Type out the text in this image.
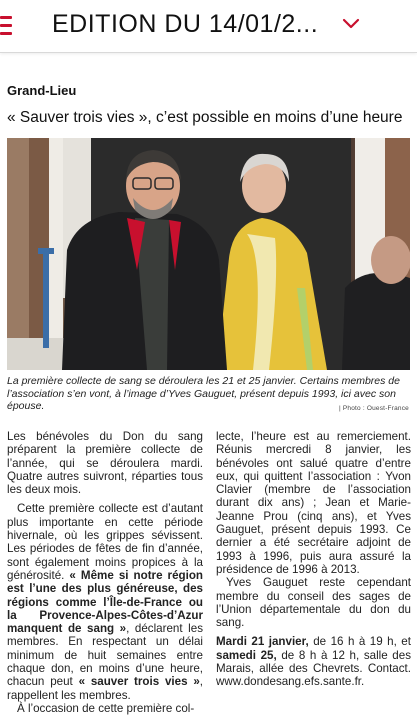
EDITION DU 14/01/2...
Grand-Lieu
« Sauver trois vies », c’est possible en moins d’une heure
La première collecte de sang se déroulera les 21 et 25 janvier. Certains membres de l’association s’en vont, à l’image d’Yves Gauguet, présent depuis 1993, ici avec son épouse.	| Photo : Ouest-France

Les bénévoles du Don du sang préparent la première collecte de l’année, qui se déroulera mardi. Quatre autres suivront, réparties tous les deux mois.

Cette première collecte est d’autant plus importante en cette période hivernale, où les grippes sévissent. Les périodes de fêtes de fin d’année, sont également moins propices à la générosité. « Même si notre région est l’une des plus généreuse, des régions comme l’Île-de-France ou la Provence-Alpes-Côtes-d’Azur manquent de sang », déclarent les membres. En respectant un délai minimum de huit semaines entre chaque don, en moins d’une heure, chacun peut « sauver trois vies », rappellent les membres.

À l’occasion de cette première col-

lecte, l’heure est au remerciement. Réunis mercredi 8 janvier, les bénévoles ont salué quatre d’entre eux, qui quittent l’association : Yvon Clavier (membre de l’association durant dix ans) ; Jean et Marie-Jeanne Prou (cinq ans), et Yves Gauguet, présent depuis 1993. Ce dernier a été secrétaire adjoint de 1993 à 1996, puis aura assuré la présidence de 1996 à 2013.

Yves Gauguet reste cependant membre du conseil des sages de l’Union départementale du don du sang.

Mardi 21 janvier, de 16 h à 19 h, et samedi 25, de 8 h à 12 h, salle des Marais, allée des Chevrets. Contact. www.dondesang.efs.sante.fr.
